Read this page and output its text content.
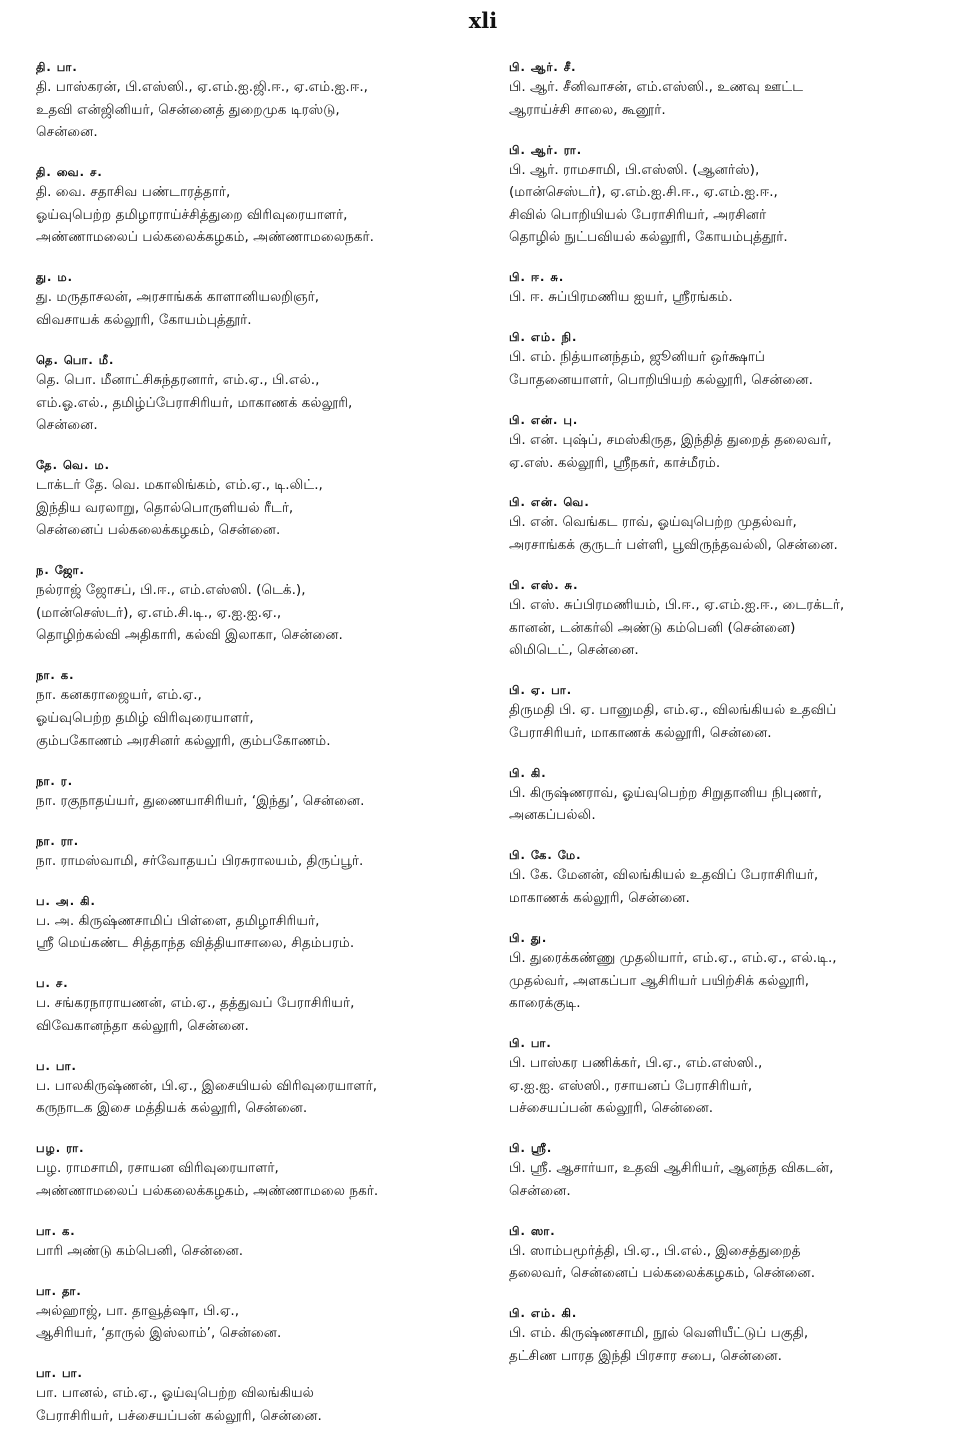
xli
தி. பா.
தி. பாஸ்கரன், பி.எஸ்ஸி., ஏ.எம்.ஐ.ஜி.ஈ., ஏ.எம்.ஐ.ஈ.,
உதவி என்ஜினியர், சென்னைத் துறைமுக டிரஸ்டு,
சென்னை.
தி. வை. ச.
தி. வை. சதாசிவ பண்டாரத்தார்,
ஓய்வுபெற்ற தமிழாராய்ச்சித்துறை விரிவுரையாளர்,
அண்ணாமலைப் பல்கலைக்கழகம், அண்ணாமலைநகர்.
து. ம.
து. மருதாசலன், அரசாங்கக் காளானியலறிஞர்,
விவசாயக் கல்லூரி, கோயம்புத்தூர்.
தெ. பொ. மீ.
தெ. பொ. மீனாட்சிசுந்தரனார், எம்.ஏ., பி.எல்.,
எம்.ஓ.எல்., தமிழ்ப்பேராசிரியர், மாகாணக் கல்லூரி,
சென்னை.
தே. வெ. ம.
டாக்டர் தே. வெ. மகாலிங்கம், எம்.ஏ., டி.லிட்.,
இந்திய வரலாறு, தொல்பொருளியல் ரீடர்,
சென்னைப் பல்கலைக்கழகம், சென்னை.
ந. ஜோ.
நல்ராஜ் ஜோசப், பி.ஈ., எம்.எஸ்ஸி. (டெக்.),
(மான்செஸ்டர்), ஏ.எம்.சி.டி., ஏ.ஐ.ஐ.ஏ.,
தொழிற்கல்வி அதிகாரி, கல்வி இலாகா, சென்னை.
நா. க.
நா. கனகராஜையர், எம்.ஏ.,
ஓய்வுபெற்ற தமிழ் விரிவுரையாளர்,
கும்பகோணம் அரசினர் கல்லூரி, கும்பகோணம்.
நா. ர.
நா. ரகுநாதய்யர், துணையாசிரியர், ‘இந்து’, சென்னை.
நா. ரா.
நா. ராமஸ்வாமி, சர்வோதயப் பிரசுராலயம், திருப்பூர்.
ப. அ. கி.
ப. அ. கிருஷ்ணசாமிப் பிள்ளை, தமிழாசிரியர்,
ஸ்ரீ மெய்கண்ட சித்தாந்த வித்தியாசாலை, சிதம்பரம்.
ப. ச.
ப. சங்கரநாராயணன், எம்.ஏ., தத்துவப் பேராசிரியர்,
விவேகானந்தா கல்லூரி, சென்னை.
ப. பா.
ப. பாலகிருஷ்ணன், பி.ஏ., இசையியல் விரிவுரையாளர்,
கருநாடக இசை மத்தியக் கல்லூரி, சென்னை.
பழ. ரா.
பழ. ராமசாமி, ரசாயன விரிவுரையாளர்,
அண்ணாமலைப் பல்கலைக்கழகம், அண்ணாமலை நகர்.
பா. க.
பாரி அண்டு கம்பெனி, சென்னை.
பா. தா.
அல்ஹாஜ், பா. தாவூத்ஷா, பி.ஏ.,
ஆசிரியர், ‘தாருல் இஸ்லாம்’, சென்னை.
பா. பா.
பா. பானல், எம்.ஏ., ஓய்வுபெற்ற விலங்கியல்
பேராசிரியர், பச்சையப்பன் கல்லூரி, சென்னை.
பி. ஆர். சீ.
பி. ஆர். சீனிவாசன், எம்.எஸ்ஸி., உணவு ஊட்ட
ஆராய்ச்சி சாலை, கூனூர்.
பி. ஆர். ரா.
பி. ஆர். ராமசாமி, பி.எஸ்ஸி. (ஆனர்ஸ்),
(மான்செஸ்டர்), ஏ.எம்.ஐ.சி.ஈ., ஏ.எம்.ஐ.ஈ.,
சிவில் பொறியியல் பேராசிரியர், அரசினர்
தொழில் நுட்பவியல் கல்லூரி, கோயம்புத்தூர்.
பி. ஈ. சு.
பி. ஈ. சுப்பிரமணிய ஐயர், ஸ்ரீரங்கம்.
பி. எம். நி.
பி. எம். நித்யானந்தம், ஜூனியர் ஒர்க்ஷாப்
போதனையாளர், பொறியியற் கல்லூரி, சென்னை.
பி. என். பு.
பி. என். புஷ்ப், சமஸ்கிருத, இந்தித் துறைத் தலைவர்,
ஏ.எஸ். கல்லூரி, ஸ்ரீநகர், காச்மீரம்.
பி. என். வெ.
பி. என். வெங்கட ராவ், ஓய்வுபெற்ற முதல்வர்,
அரசாங்கக் குருடர் பள்ளி, பூவிருந்தவல்லி, சென்னை.
பி. எஸ். சு.
பி. எஸ். சுப்பிரமணியம், பி.ஈ., ஏ.எம்.ஐ.ஈ., டைரக்டர்,
கானன், டன்கர்லி அண்டு கம்பெனி (சென்னை)
லிமிடெட், சென்னை.
பி. ஏ. பா.
திருமதி பி. ஏ. பானுமதி, எம்.ஏ., விலங்கியல் உதவிப்
பேராசிரியர், மாகாணக் கல்லூரி, சென்னை.
பி. கி.
பி. கிருஷ்ணராவ், ஓய்வுபெற்ற சிறுதானிய நிபுணர்,
அனகப்பல்லி.
பி. கே. மே.
பி. கே. மேனன், விலங்கியல் உதவிப் பேராசிரியர்,
மாகாணக் கல்லூரி, சென்னை.
பி. து.
பி. துரைக்கண்ணு முதலியார், எம்.ஏ., எம்.ஏ., எல்.டி.,
முதல்வர், அளகப்பா ஆசிரியர் பயிற்சிக் கல்லூரி,
காரைக்குடி.
பி. பா.
பி. பாஸ்கர பணிக்கர், பி.ஏ., எம்.எஸ்ஸி.,
ஏ.ஐ.ஐ. எஸ்ஸி., ரசாயனப் பேராசிரியர்,
பச்சையப்பன் கல்லூரி, சென்னை.
பி. ஸ்ரீ.
பி. ஸ்ரீ. ஆசார்யா, உதவி ஆசிரியர், ஆனந்த விகடன்,
சென்னை.
பி. ஸா.
பி. ஸாம்பமூர்த்தி, பி.ஏ., பி.எல்., இசைத்துறைத்
தலைவர், சென்னைப் பல்கலைக்கழகம், சென்னை.
பி. எம். கி.
பி. எம். கிருஷ்ணசாமி, நூல் வெளியீட்டுப் பகுதி,
தட்சிண பாரத இந்தி பிரசார சபை, சென்னை.
